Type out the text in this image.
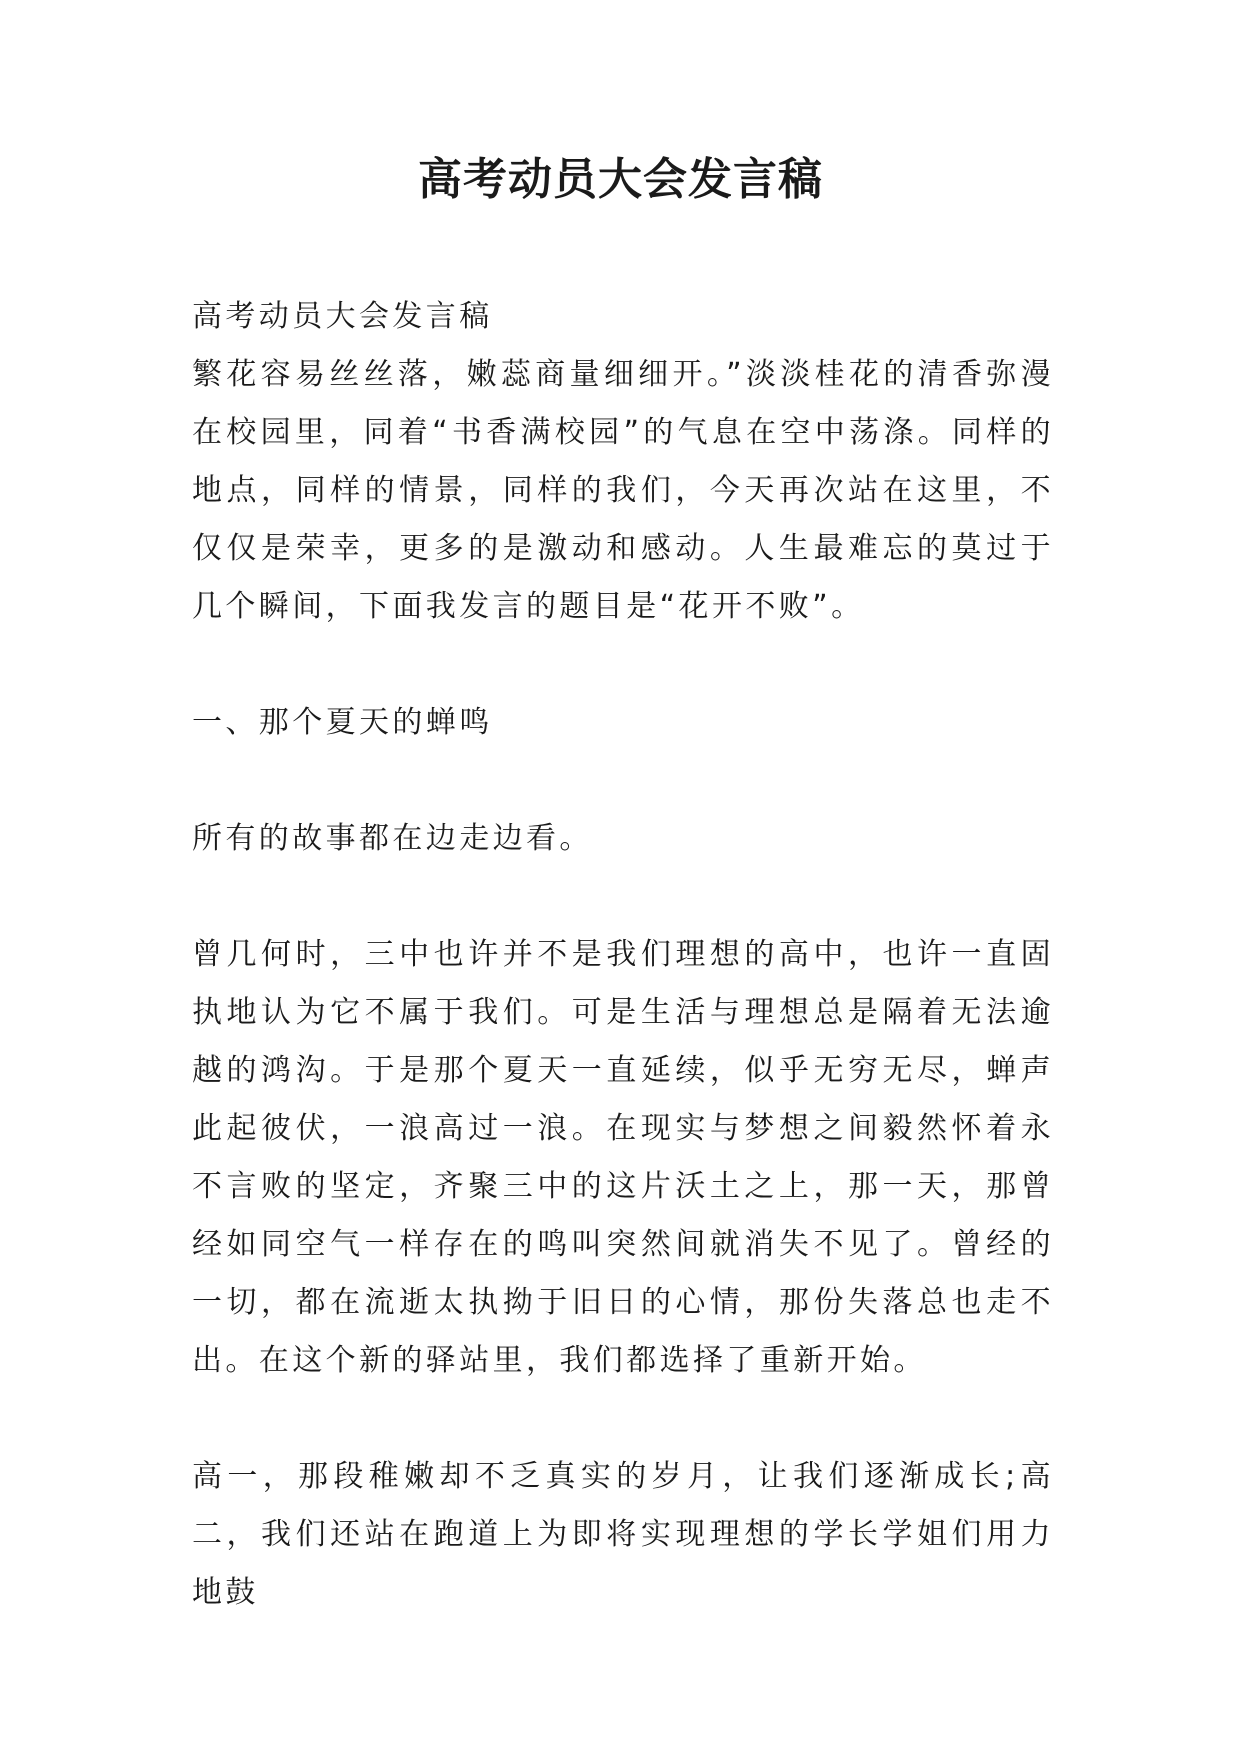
高考动员大会发言稿

高考动员大会发言稿

繁花容易丝丝落，嫩蕊商量细细开。”淡淡桂花的清香弥漫在校园里，同着“书香满校园”的气息在空中荡涤。同样的地点，同样的情景，同样的我们，今天再次站在这里，不仅仅是荣幸，更多的是激动和感动。人生最难忘的莫过于几个瞬间，下面我发言的题目是“花开不败”。

一、那个夏天的蝉鸣

所有的故事都在边走边看。

曾几何时，三中也许并不是我们理想的高中，也许一直固执地认为它不属于我们。可是生活与理想总是隔着无法逾越的鸿沟。于是那个夏天一直延续，似乎无穷无尽，蝉声此起彼伏，一浪高过一浪。在现实与梦想之间毅然怀着永不言败的坚定，齐聚三中的这片沃土之上，那一天，那曾经如同空气一样存在的鸣叫突然间就消失不见了。曾经的一切，都在流逝太执拗于旧日的心情，那份失落总也走不出。在这个新的驿站里，我们都选择了重新开始。

高一，那段稚嫩却不乏真实的岁月，让我们逐渐成长;高二，我们还站在跑道上为即将实现理想的学长学姐们用力地鼓
